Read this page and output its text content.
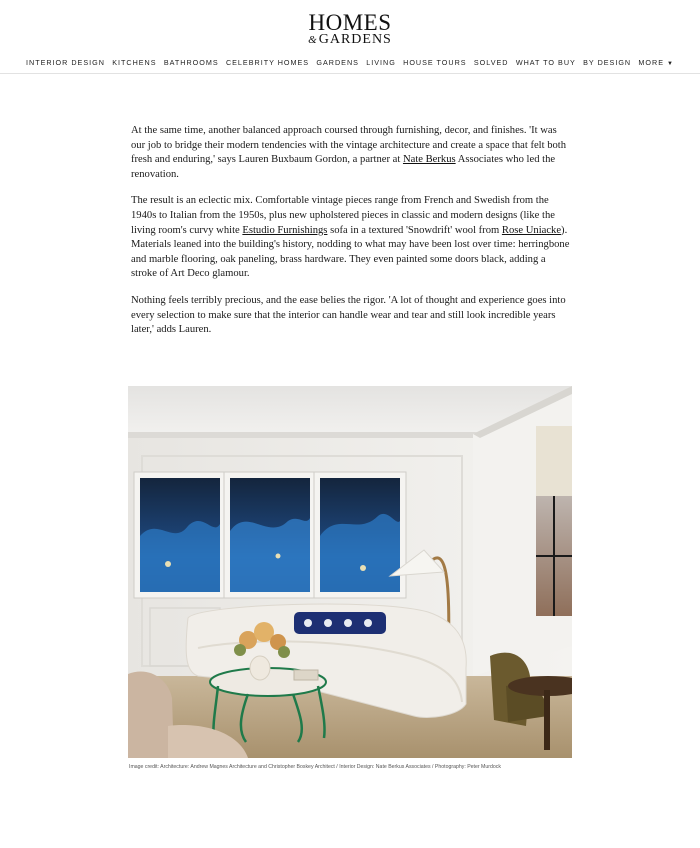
HOMES
&GARDENS
INTERIOR DESIGN KITCHENS BATHROOMS CELEBRITY HOMES GARDENS LIVING HOUSE TOURS SOLVED WHAT TO BUY BY DESIGN MORE ▼

At the same time, another balanced approach coursed through furnishing, decor, and finishes. 'It was our job to bridge their modern tendencies with the vintage architecture and create a space that felt both fresh and enduring,' says Lauren Buxbaum Gordon, a partner at Nate Berkus Associates who led the renovation.

The result is an eclectic mix. Comfortable vintage pieces range from French and Swedish from the 1940s to Italian from the 1950s, plus new upholstered pieces in classic and modern designs (like the living room's curvy white Estudio Furnishings sofa in a textured 'Snowdrift' wool from Rose Uniacke). Materials leaned into the building's history, nodding to what may have been lost over time: herringbone and marble flooring, oak paneling, brass hardware. They even painted some doors black, adding a stroke of Art Deco glamour.

Nothing feels terribly precious, and the ease belies the rigor. 'A lot of thought and experience goes into every selection to make sure that the interior can handle wear and tear and still look incredible years later,' adds Lauren.

Image credit: Architecture: Andrew Magnes Architecture and Christopher Boskey Architect / Interior Design: Nate Berkus Associates / Photography: Peter Murdock
